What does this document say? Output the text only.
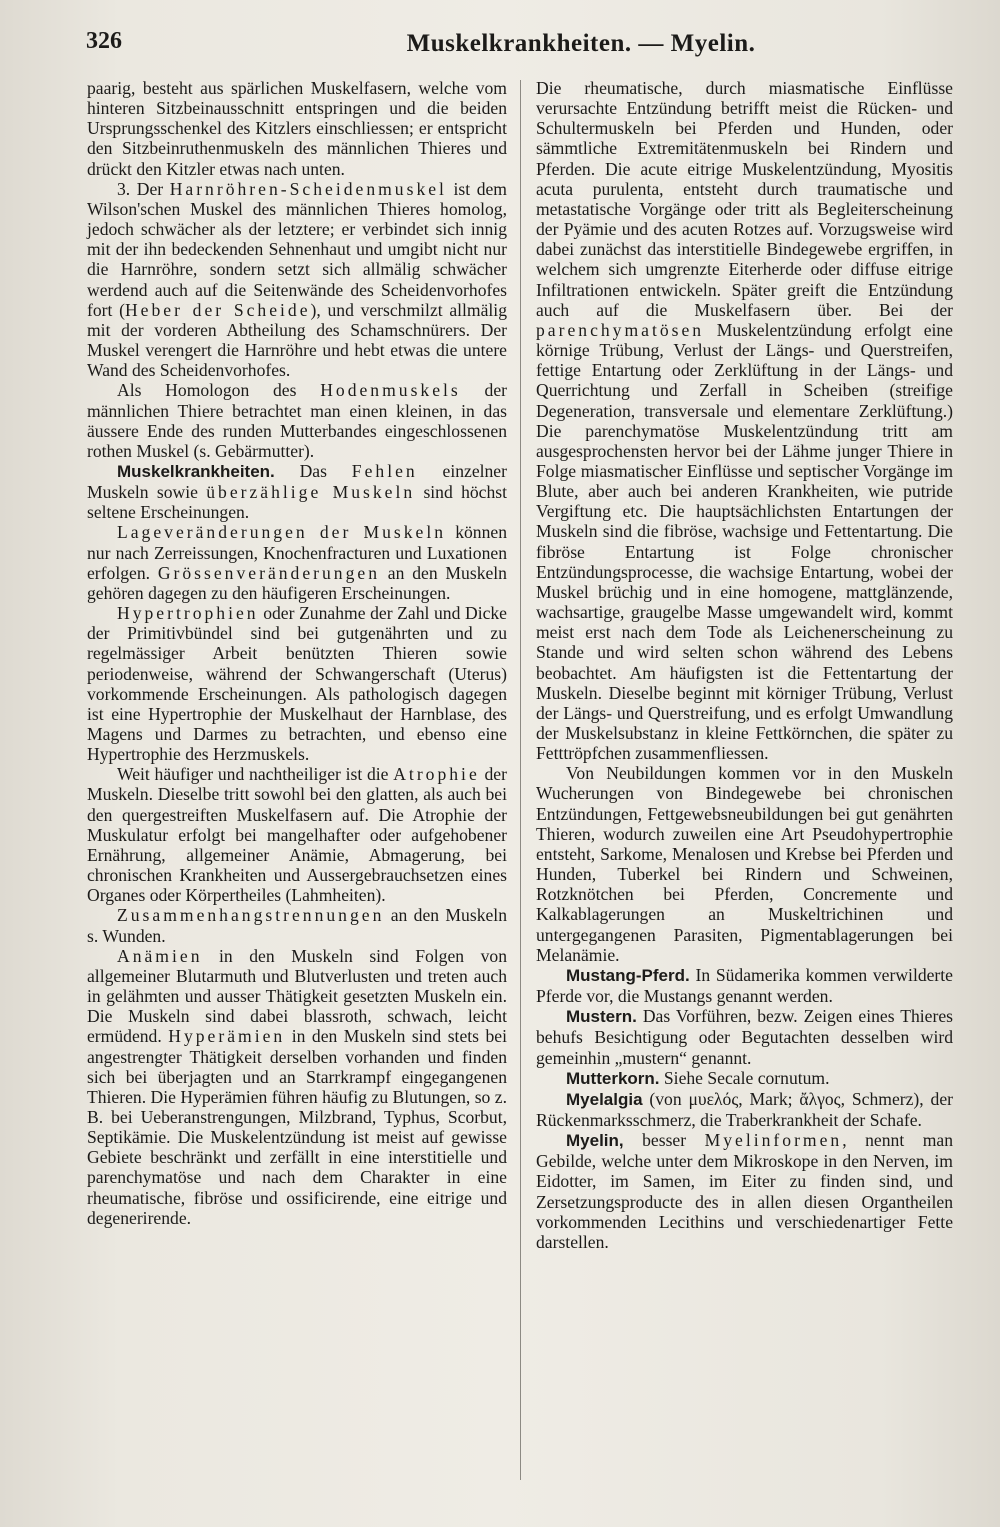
326	Muskelkrankheiten. — Myelin.

paarig, besteht aus spärlichen Muskelfasern, welche vom hinteren Sitzbeinausschnitt entspringen und die beiden Ursprungsschenkel des Kitzlers einschliessen; er entspricht den Sitzbeinruthenmuskeln des männlichen Thieres und drückt den Kitzler etwas nach unten.

3. Der Harnröhren-Scheidenmuskel ist dem Wilson'schen Muskel des männlichen Thieres homolog, jedoch schwächer als der letztere; er verbindet sich innig mit der ihn bedeckenden Sehnenhaut und umgibt nicht nur die Harnröhre, sondern setzt sich allmälig schwächer werdend auch auf die Seitenwände des Scheidenvorhofes fort (Heber der Scheide), und verschmilzt allmälig mit der vorderen Abtheilung des Schamschnürers. Der Muskel verengert die Harnröhre und hebt etwas die untere Wand des Scheidenvorhofes.

Als Homologon des Hodenmuskels der männlichen Thiere betrachtet man einen kleinen, in das äussere Ende des runden Mutterbandes eingeschlossenen rothen Muskel (s. Gebärmutter).

Muskelkrankheiten. Das Fehlen einzelner Muskeln sowie überzählige Muskeln sind höchst seltene Erscheinungen.

Lageveränderungen der Muskeln können nur nach Zerreissungen, Knochenfracturen und Luxationen erfolgen. Grössenveränderungen an den Muskeln gehören dagegen zu den häufigeren Erscheinungen.

Hypertrophien oder Zunahme der Zahl und Dicke der Primitivbündel sind bei gutgenährten und zu regelmässiger Arbeit benützten Thieren sowie periodenweise, während der Schwangerschaft (Uterus) vorkommende Erscheinungen. Als pathologisch dagegen ist eine Hypertrophie der Muskelhaut der Harnblase, des Magens und Darmes zu betrachten, und ebenso eine Hypertrophie des Herzmuskels.

Weit häufiger und nachtheiliger ist die Atrophie der Muskeln. Dieselbe tritt sowohl bei den glatten, als auch bei den quergestreiften Muskelfasern auf. Die Atrophie der Muskulatur erfolgt bei mangelhafter oder aufgehobener Ernährung, allgemeiner Anämie, Abmagerung, bei chronischen Krankheiten und Aussergebrauchsetzen eines Organes oder Körpertheiles (Lahmheiten).

Zusammenhangstrennungen an den Muskeln s. Wunden.

Anämien in den Muskeln sind Folgen von allgemeiner Blutarmuth und Blutverlusten und treten auch in gelähmten und ausser Thätigkeit gesetzten Muskeln ein. Die Muskeln sind dabei blassroth, schwach, leicht ermüdend. Hyperämien in den Muskeln sind stets bei angestrengter Thätigkeit derselben vorhanden und finden sich bei überjagten und an Starrkrampf eingegangenen Thieren. Die Hyperämien führen häufig zu Blutungen, so z. B. bei Ueberanstrengungen, Milzbrand, Typhus, Scorbut, Septikämie. Die Muskelentzündung ist meist auf gewisse Gebiete beschränkt und zerfällt in eine interstitielle und parenchymatöse und nach dem Charakter in eine rheumatische, fibröse und ossificirende, eine eitrige und degenerirende.

Die rheumatische, durch miasmatische Einflüsse verursachte Entzündung betrifft meist die Rücken- und Schultermuskeln bei Pferden und Hunden, oder sämmtliche Extremitätenmuskeln bei Rindern und Pferden. Die acute eitrige Muskelentzündung, Myositis acuta purulenta, entsteht durch traumatische und metastatische Vorgänge oder tritt als Begleiterscheinung der Pyämie und des acuten Rotzes auf. Vorzugsweise wird dabei zunächst das interstitielle Bindegewebe ergriffen, in welchem sich umgrenzte Eiterherde oder diffuse eitrige Infiltrationen entwickeln. Später greift die Entzündung auch auf die Muskelfasern über. Bei der parenchymatösen Muskelentzündung erfolgt eine körnige Trübung, Verlust der Längs- und Querstreifen, fettige Entartung oder Zerklüftung in der Längs- und Querrichtung und Zerfall in Scheiben (streifige Degeneration, transversale und elementare Zerklüftung.) Die parenchymatöse Muskelentzündung tritt am ausgesprochensten hervor bei der Lähme junger Thiere in Folge miasmatischer Einflüsse und septischer Vorgänge im Blute, aber auch bei anderen Krankheiten, wie putride Vergiftung etc. Die hauptsächlichsten Entartungen der Muskeln sind die fibröse, wachsige und Fettentartung. Die fibröse Entartung ist Folge chronischer Entzündungsprocesse, die wachsige Entartung, wobei der Muskel brüchig und in eine homogene, mattglänzende, wachsartige, graugelbe Masse umgewandelt wird, kommt meist erst nach dem Tode als Leichenerscheinung zu Stande und wird selten schon während des Lebens beobachtet. Am häufigsten ist die Fettentartung der Muskeln. Dieselbe beginnt mit körniger Trübung, Verlust der Längs- und Querstreifung, und es erfolgt Umwandlung der Muskelsubstanz in kleine Fettkörnchen, die später zu Fetttröpfchen zusammenfliessen.

Von Neubildungen kommen vor in den Muskeln Wucherungen von Bindegewebe bei chronischen Entzündungen, Fettgewebsneubildungen bei gut genährten Thieren, wodurch zuweilen eine Art Pseudohypertrophie entsteht, Sarkome, Menalosen und Krebse bei Pferden und Hunden, Tuberkel bei Rindern und Schweinen, Rotzknötchen bei Pferden, Concremente und Kalkablagerungen an Muskeltrichinen und untergegangenen Parasiten, Pigmentablagerungen bei Melanämie.

Mustang-Pferd. In Südamerika kommen verwilderte Pferde vor, die Mustangs genannt werden.

Mustern. Das Vorführen, bezw. Zeigen eines Thieres behufs Besichtigung oder Begutachten desselben wird gemeinhin „mustern“ genannt.

Mutterkorn. Siehe Secale cornutum.

Myelalgia (von μυελός, Mark; ἄλγος, Schmerz), der Rückenmarksschmerz, die Traberkrankheit der Schafe.

Myelin, besser Myelinformen, nennt man Gebilde, welche unter dem Mikroskope in den Nerven, im Eidotter, im Samen, im Eiter zu finden sind, und Zersetzungsproducte des in allen diesen Organtheilen vorkommenden Lecithins und verschiedenartiger Fette darstellen.
